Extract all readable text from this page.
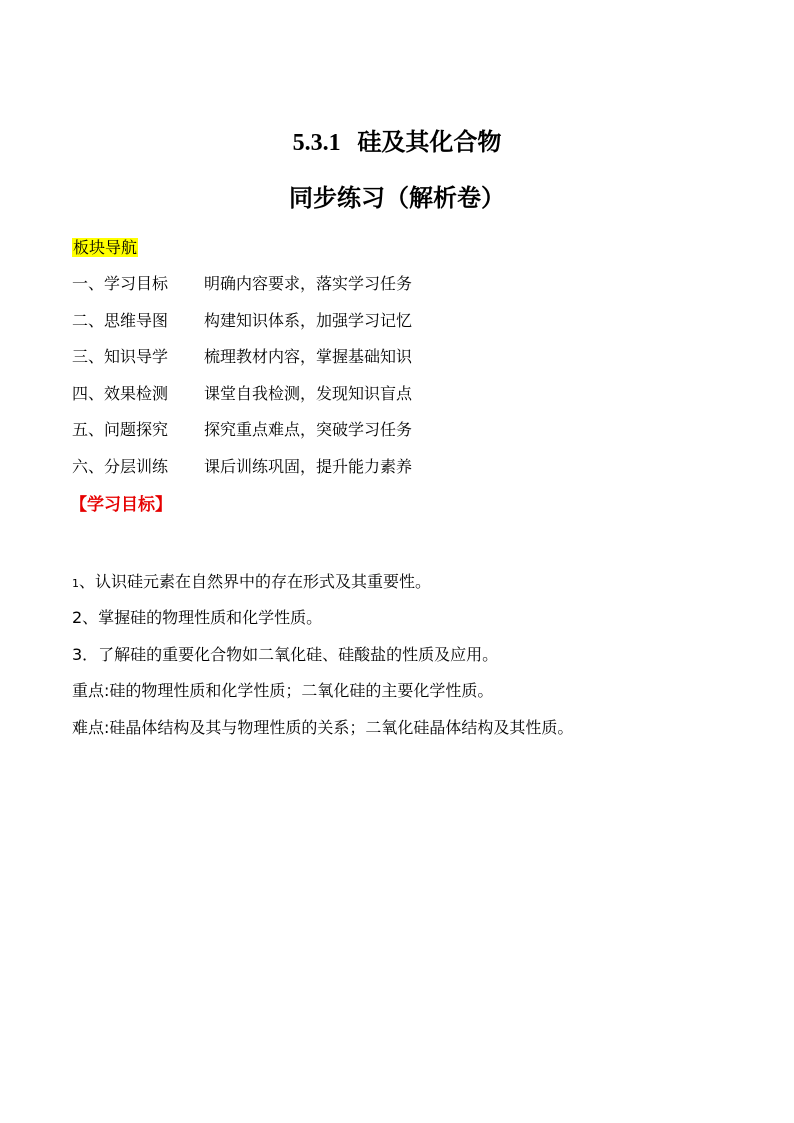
5.3.1 硅及其化合物
同步练习（解析卷）
板块导航
一、学习目标 明确内容要求，落实学习任务
二、思维导图 构建知识体系，加强学习记忆
三、知识导学 梳理教材内容，掌握基础知识
四、效果检测 课堂自我检测，发现知识盲点
五、问题探究 探究重点难点，突破学习任务
六、分层训练 课后训练巩固，提升能力素养
【学习目标】
1、认识硅元素在自然界中的存在形式及其重要性。
2、掌握硅的物理性质和化学性质。
3．了解硅的重要化合物如二氧化硅、硅酸盐的性质及应用。
重点:硅的物理性质和化学性质；二氧化硅的主要化学性质。
难点:硅晶体结构及其与物理性质的关系；二氧化硅晶体结构及其性质。
